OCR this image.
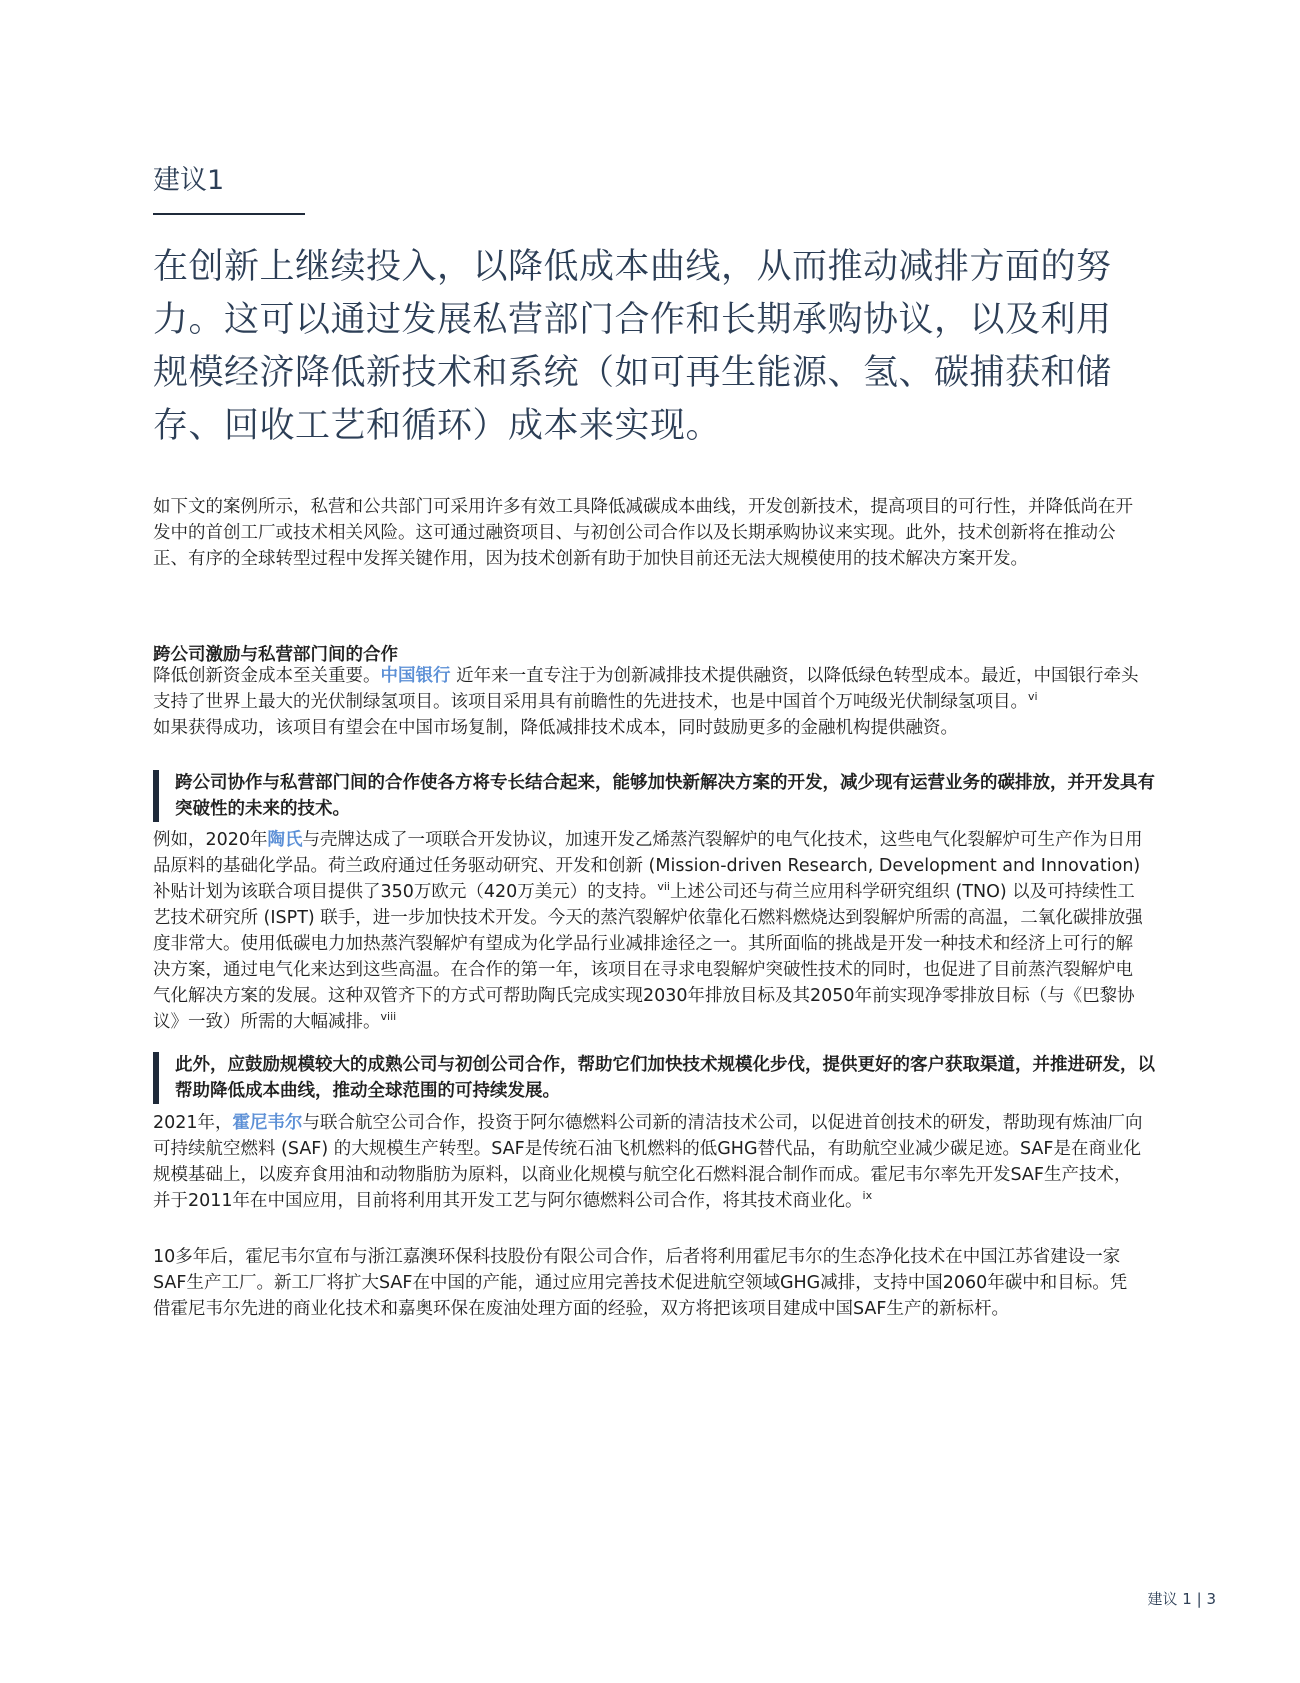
建议1
在创新上继续投入，以降低成本曲线，从而推动减排方面的努力。这可以通过发展私营部门合作和长期承购协议，以及利用规模经济降低新技术和系统（如可再生能源、氢、碳捕获和储存、回收工艺和循环）成本来实现。

如下文的案例所示，私营和公共部门可采用许多有效工具降低减碳成本曲线，开发创新技术，提高项目的可行性，并降低尚在开发中的首创工厂或技术相关风险。这可通过融资项目、与初创公司合作以及长期承购协议来实现。此外，技术创新将在推动公正、有序的全球转型过程中发挥关键作用，因为技术创新有助于加快目前还无法大规模使用的技术解决方案开发。

跨公司激励与私营部门间的合作

降低创新资金成本至关重要。中国银行 近年来一直专注于为创新减排技术提供融资，以降低绿色转型成本。最近，中国银行牵头支持了世界上最大的光伏制绿氢项目。该项目采用具有前瞻性的先进技术，也是中国首个万吨级光伏制绿氢项目。$^{vi}$
如果获得成功，该项目有望会在中国市场复制，降低减排技术成本，同时鼓励更多的金融机构提供融资。

跨公司协作与私营部门间的合作使各方将专长结合起来，能够加快新解决方案的开发，减少现有运营业务的碳排放，并开发具有突破性的未来的技术。

例如，2020年陶氏与壳牌达成了一项联合开发协议，加速开发乙烯蒸汽裂解炉的电气化技术，这些电气化裂解炉可生产作为日用品原料的基础化学品。荷兰政府通过任务驱动研究、开发和创新 (Mission-driven Research, Development and Innovation) 补贴计划为该联合项目提供了350万欧元（420万美元）的支持。$^{vii}$上述公司还与荷兰应用科学研究组织 (TNO) 以及可持续性工艺技术研究所 (ISPT) 联手，进一步加快技术开发。今天的蒸汽裂解炉依靠化石燃料燃烧达到裂解炉所需的高温，二氧化碳排放强度非常大。使用低碳电力加热蒸汽裂解炉有望成为化学品行业减排途径之一。其所面临的挑战是开发一种技术和经济上可行的解决方案，通过电气化来达到这些高温。在合作的第一年，该项目在寻求电裂解炉突破性技术的同时，也促进了目前蒸汽裂解炉电气化解决方案的发展。这种双管齐下的方式可帮助陶氏完成实现2030年排放目标及其2050年前实现净零排放目标（与《巴黎协议》一致）所需的大幅减排。$^{viii}$

此外，应鼓励规模较大的成熟公司与初创公司合作，帮助它们加快技术规模化步伐，提供更好的客户获取渠道，并推进研发，以帮助降低成本曲线，推动全球范围的可持续发展。

2021年，霍尼韦尔与联合航空公司合作，投资于阿尔德燃料公司新的清洁技术公司，以促进首创技术的研发，帮助现有炼油厂向可持续航空燃料 (SAF) 的大规模生产转型。SAF是传统石油飞机燃料的低GHG替代品，有助航空业减少碳足迹。SAF是在商业化规模基础上，以废弃食用油和动物脂肪为原料，以商业化规模与航空化石燃料混合制作而成。霍尼韦尔率先开发SAF生产技术，并于2011年在中国应用，目前将利用其开发工艺与阿尔德燃料公司合作，将其技术商业化。$^{ix}$

10多年后，霍尼韦尔宣布与浙江嘉澳环保科技股份有限公司合作，后者将利用霍尼韦尔的生态净化技术在中国江苏省建设一家SAF生产工厂。新工厂将扩大SAF在中国的产能，通过应用完善技术促进航空领域GHG减排，支持中国2060年碳中和目标。凭借霍尼韦尔先进的商业化技术和嘉奥环保在废油处理方面的经验，双方将把该项目建成中国SAF生产的新标杆。

建议 1 | 3
